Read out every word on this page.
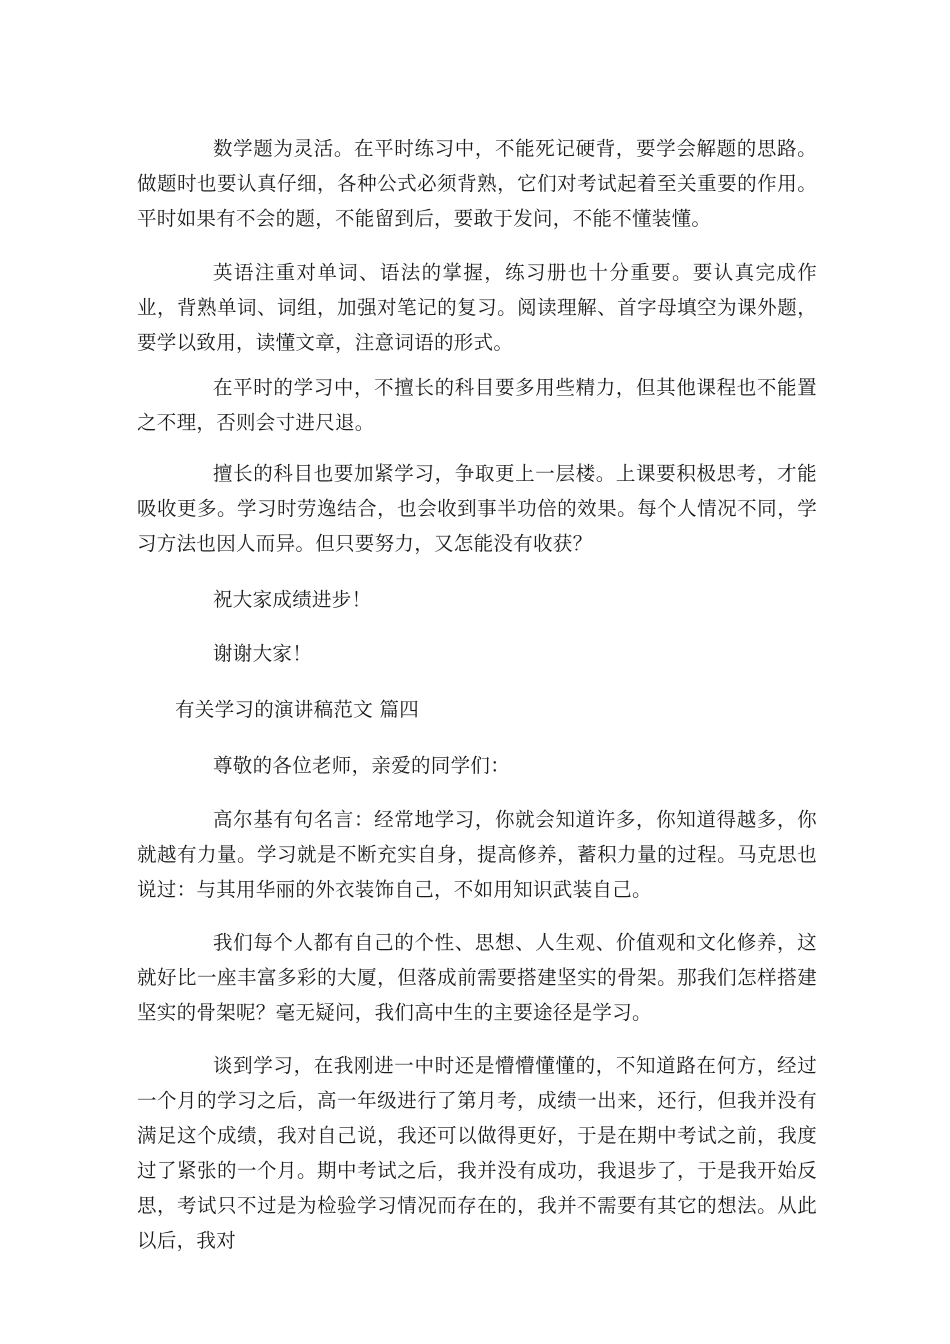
数学题为灵活。在平时练习中，不能死记硬背，要学会解题的思路。做题时也要认真仔细，各种公式必须背熟，它们对考试起着至关重要的作用。平时如果有不会的题，不能留到后，要敢于发问，不能不懂装懂。

英语注重对单词、语法的掌握，练习册也十分重要。要认真完成作业，背熟单词、词组，加强对笔记的复习。阅读理解、首字母填空为课外题，要学以致用，读懂文章，注意词语的形式。

在平时的学习中，不擅长的科目要多用些精力，但其他课程也不能置之不理，否则会寸进尺退。

擅长的科目也要加紧学习，争取更上一层楼。上课要积极思考，才能吸收更多。学习时劳逸结合，也会收到事半功倍的效果。每个人情况不同，学习方法也因人而异。但只要努力，又怎能没有收获？

祝大家成绩进步！

谢谢大家！

有关学习的演讲稿范文 篇四

尊敬的各位老师，亲爱的同学们：

高尔基有句名言：经常地学习，你就会知道许多，你知道得越多，你就越有力量。学习就是不断充实自身，提高修养，蓄积力量的过程。马克思也说过：与其用华丽的外衣装饰自己，不如用知识武装自己。

我们每个人都有自己的个性、思想、人生观、价值观和文化修养，这就好比一座丰富多彩的大厦，但落成前需要搭建坚实的骨架。那我们怎样搭建坚实的骨架呢？毫无疑问，我们高中生的主要途径是学习。

谈到学习，在我刚进一中时还是懵懵懂懂的，不知道路在何方，经过一个月的学习之后，高一年级进行了第月考，成绩一出来，还行，但我并没有满足这个成绩，我对自己说，我还可以做得更好，于是在期中考试之前，我度过了紧张的一个月。期中考试之后，我并没有成功，我退步了，于是我开始反思，考试只不过是为检验学习情况而存在的，我并不需要有其它的想法。从此以后，我对
